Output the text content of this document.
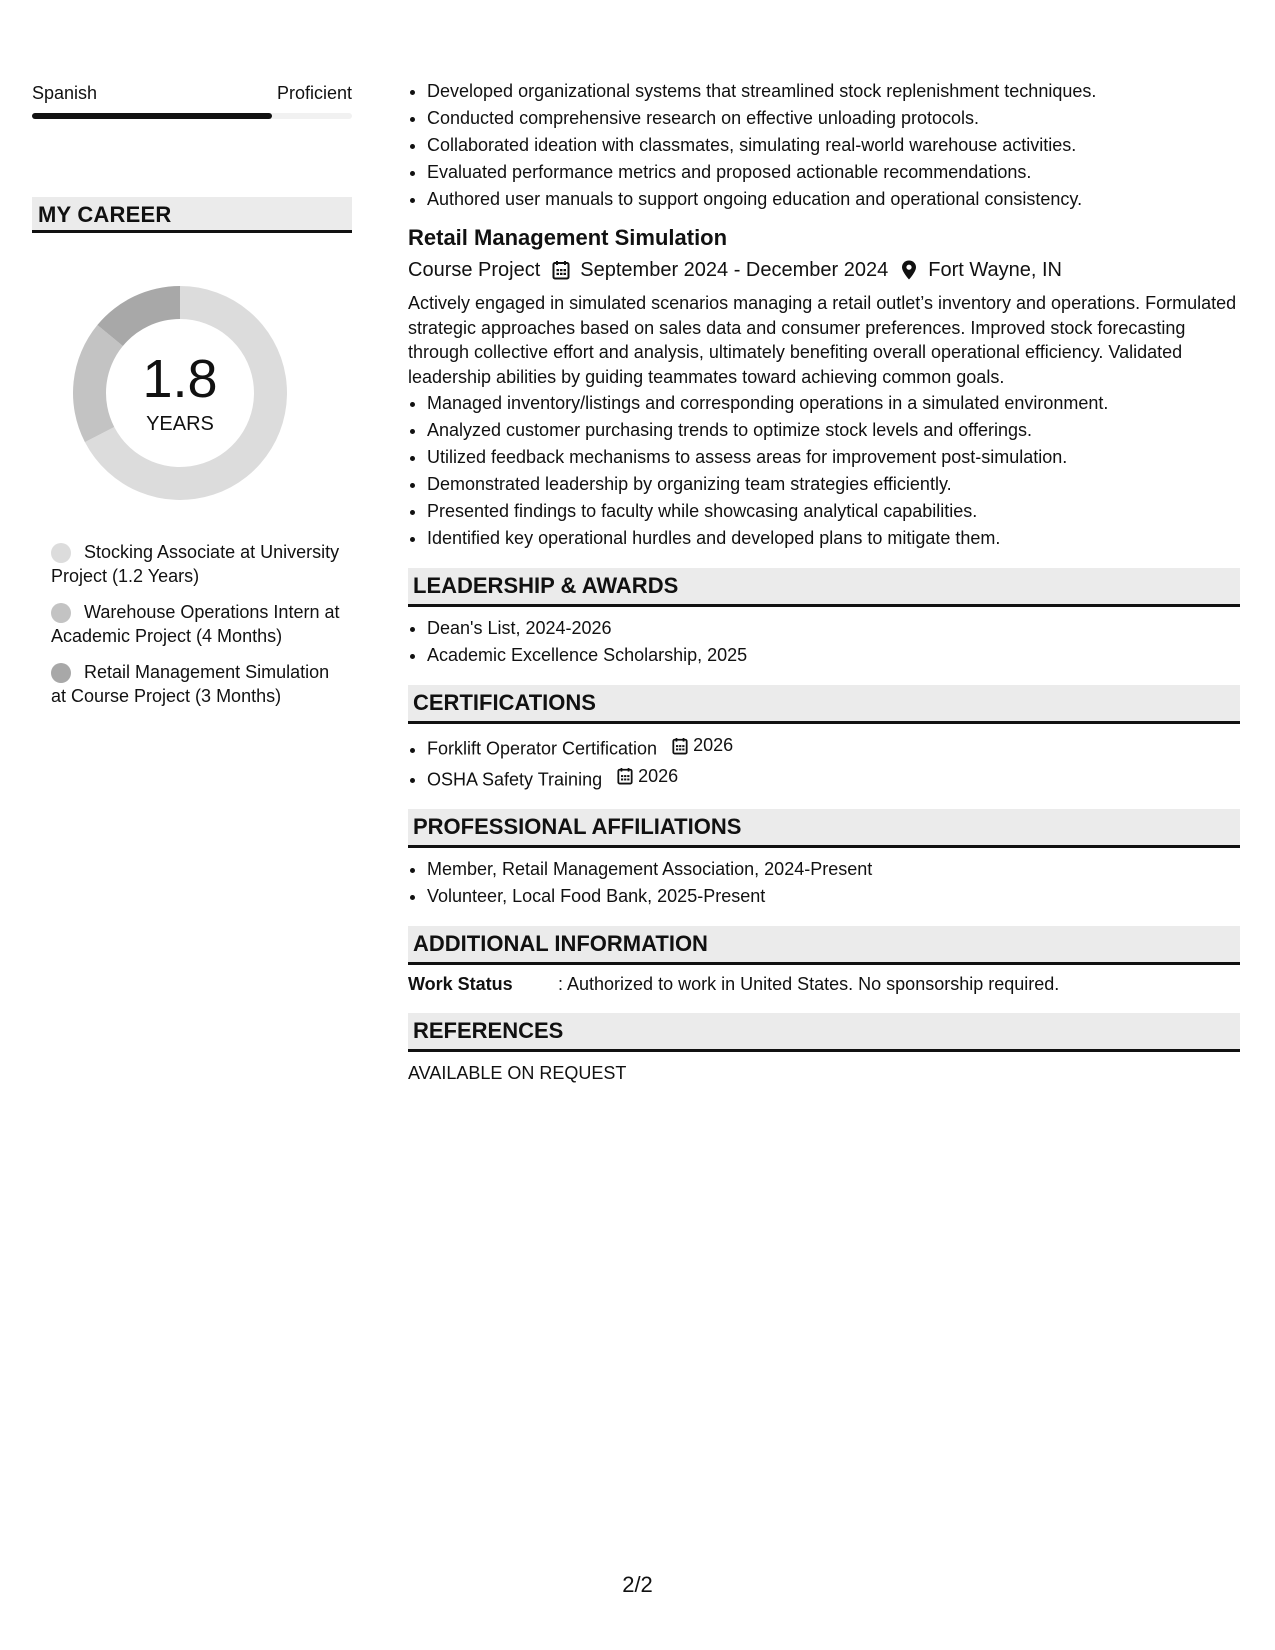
Spanish	Proficient
MY CAREER
1.8
YEARS
Stocking Associate at University Project (1.2 Years)
Warehouse Operations Intern at Academic Project (4 Months)
Retail Management Simulation at Course Project (3 Months)
• Developed organizational systems that streamlined stock replenishment techniques.
• Conducted comprehensive research on effective unloading protocols.
• Collaborated ideation with classmates, simulating real-world warehouse activities.
• Evaluated performance metrics and proposed actionable recommendations.
• Authored user manuals to support ongoing education and operational consistency.
Retail Management Simulation
Course Project September 2024 - December 2024 Fort Wayne, IN
Actively engaged in simulated scenarios managing a retail outlet’s inventory and operations. Formulated strategic approaches based on sales data and consumer preferences. Improved stock forecasting through collective effort and analysis, ultimately benefiting overall operational efficiency. Validated leadership abilities by guiding teammates toward achieving common goals.
• Managed inventory/listings and corresponding operations in a simulated environment.
• Analyzed customer purchasing trends to optimize stock levels and offerings.
• Utilized feedback mechanisms to assess areas for improvement post-simulation.
• Demonstrated leadership by organizing team strategies efficiently.
• Presented findings to faculty while showcasing analytical capabilities.
• Identified key operational hurdles and developed plans to mitigate them.
LEADERSHIP & AWARDS
• Dean's List, 2024-2026
• Academic Excellence Scholarship, 2025
CERTIFICATIONS
• Forklift Operator Certification 2026
• OSHA Safety Training 2026
PROFESSIONAL AFFILIATIONS
• Member, Retail Management Association, 2024-Present
• Volunteer, Local Food Bank, 2025-Present
ADDITIONAL INFORMATION
Work Status	: Authorized to work in United States. No sponsorship required.
REFERENCES
AVAILABLE ON REQUEST
2/2
